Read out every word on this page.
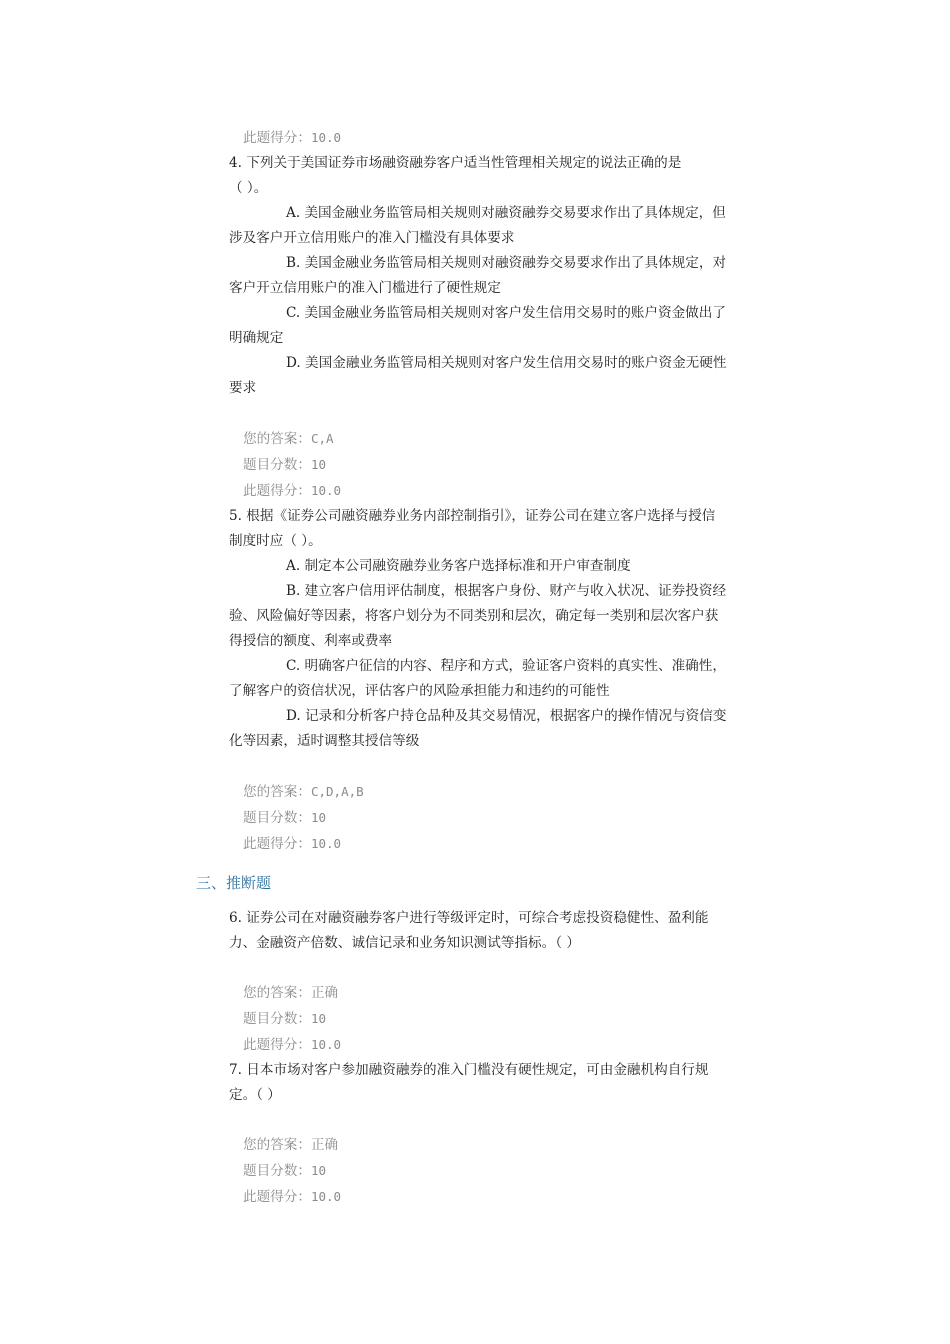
此题得分：10.0
4. 下列关于美国证券市场融资融券客户适当性管理相关规定的说法正确的是
（ ）。
A. 美国金融业务监管局相关规则对融资融券交易要求作出了具体规定，但
涉及客户开立信用账户的准入门槛没有具体要求
B. 美国金融业务监管局相关规则对融资融券交易要求作出了具体规定，对
客户开立信用账户的准入门槛进行了硬性规定
C. 美国金融业务监管局相关规则对客户发生信用交易时的账户资金做出了
明确规定
D. 美国金融业务监管局相关规则对客户发生信用交易时的账户资金无硬性
要求
您的答案：C,A
题目分数：10
此题得分：10.0
5. 根据《证券公司融资融券业务内部控制指引》，证券公司在建立客户选择与授信
制度时应（ ）。
A. 制定本公司融资融券业务客户选择标准和开户审查制度
B. 建立客户信用评估制度，根据客户身份、财产与收入状况、证券投资经
验、风险偏好等因素，将客户划分为不同类别和层次，确定每一类别和层次客户获
得授信的额度、利率或费率
C. 明确客户征信的内容、程序和方式，验证客户资料的真实性、准确性，
了解客户的资信状况，评估客户的风险承担能力和违约的可能性
D. 记录和分析客户持仓品种及其交易情况，根据客户的操作情况与资信变
化等因素，适时调整其授信等级
您的答案：C,D,A,B
题目分数：10
此题得分：10.0
三、推断题
6. 证券公司在对融资融券客户进行等级评定时，可综合考虑投资稳健性、盈利能
力、金融资产倍数、诚信记录和业务知识测试等指标。（ ）
您的答案：正确
题目分数：10
此题得分：10.0
7. 日本市场对客户参加融资融券的准入门槛没有硬性规定，可由金融机构自行规
定。（ ）
您的答案：正确
题目分数：10
此题得分：10.0
